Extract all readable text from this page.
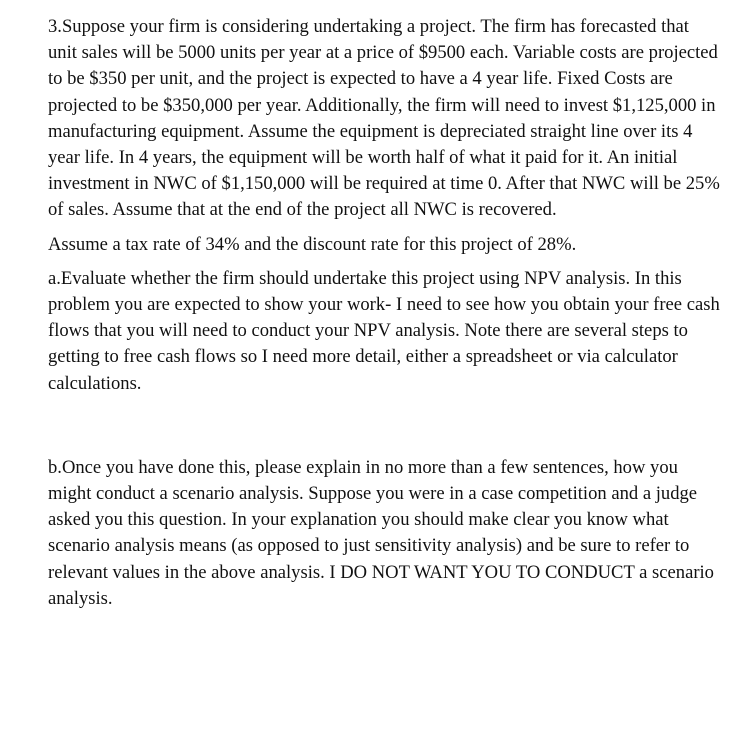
3.Suppose your firm is considering undertaking a project. The firm has forecasted that unit sales will be 5000 units per year at a price of $9500 each. Variable costs are projected to be $350 per unit, and the project is expected to have a 4 year life. Fixed Costs are projected to be $350,000 per year. Additionally, the firm will need to invest $1,125,000 in manufacturing equipment. Assume the equipment is depreciated straight line over its 4 year life. In 4 years, the equipment will be worth half of what it paid for it. An initial investment in NWC of $1,150,000 will be required at time 0. After that NWC will be 25% of sales. Assume that at the end of the project all NWC is recovered.

Assume a tax rate of 34% and the discount rate for this project of 28%.

a.Evaluate whether the firm should undertake this project using NPV analysis. In this problem you are expected to show your work- I need to see how you obtain your free cash flows that you will need to conduct your NPV analysis. Note there are several steps to getting to free cash flows so I need more detail, either a spreadsheet or via calculator calculations.

b.Once you have done this, please explain in no more than a few sentences, how you might conduct a scenario analysis. Suppose you were in a case competition and a judge asked you this question. In your explanation you should make clear you know what scenario analysis means (as opposed to just sensitivity analysis) and be sure to refer to relevant values in the above analysis. I DO NOT WANT YOU TO CONDUCT a scenario analysis.
